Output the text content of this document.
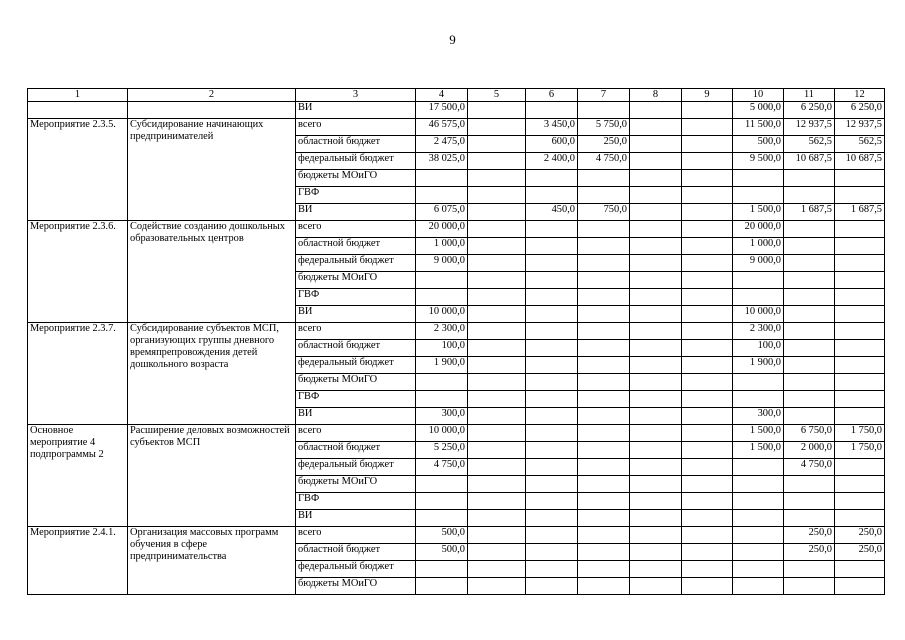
9
1	2	3	4	5	6	7	8	9	10	11	12
		ВИ	17 500,0						5 000,0	6 250,0	6 250,0
Мероприятие 2.3.5.	Субсидирование начинающих предпринимателей	всего	46 575,0		3 450,0	5 750,0			11 500,0	12 937,5	12 937,5
		областной бюджет	2 475,0		600,0	250,0			500,0	562,5	562,5
		федеральный бюджет	38 025,0		2 400,0	4 750,0			9 500,0	10 687,5	10 687,5
		бюджеты МОиГО									
		ГВФ									
		ВИ	6 075,0		450,0	750,0			1 500,0	1 687,5	1 687,5
Мероприятие 2.3.6.	Содействие созданию дошкольных образовательных центров	всего	20 000,0						20 000,0		
		областной бюджет	1 000,0						1 000,0		
		федеральный бюджет	9 000,0						9 000,0		
		бюджеты МОиГО									
		ГВФ									
		ВИ	10 000,0						10 000,0		
Мероприятие 2.3.7.	Субсидирование субъектов МСП, организующих группы дневного времяпрепровождения детей дошкольного возраста	всего	2 300,0						2 300,0		
		областной бюджет	100,0						100,0		
		федеральный бюджет	1 900,0						1 900,0		
		бюджеты МОиГО									
		ГВФ									
		ВИ	300,0						300,0		
Основное мероприятие 4 подпрограммы 2	Расширение деловых возможностей субъектов МСП	всего	10 000,0						1 500,0	6 750,0	1 750,0
		областной бюджет	5 250,0						1 500,0	2 000,0	1 750,0
		федеральный бюджет	4 750,0							4 750,0	
		бюджеты МОиГО									
		ГВФ									
		ВИ									
Мероприятие 2.4.1.	Организация массовых программ обучения в сфере предпринимательства	всего	500,0							250,0	250,0
		областной бюджет	500,0							250,0	250,0
		федеральный бюджет									
		бюджеты МОиГО									
